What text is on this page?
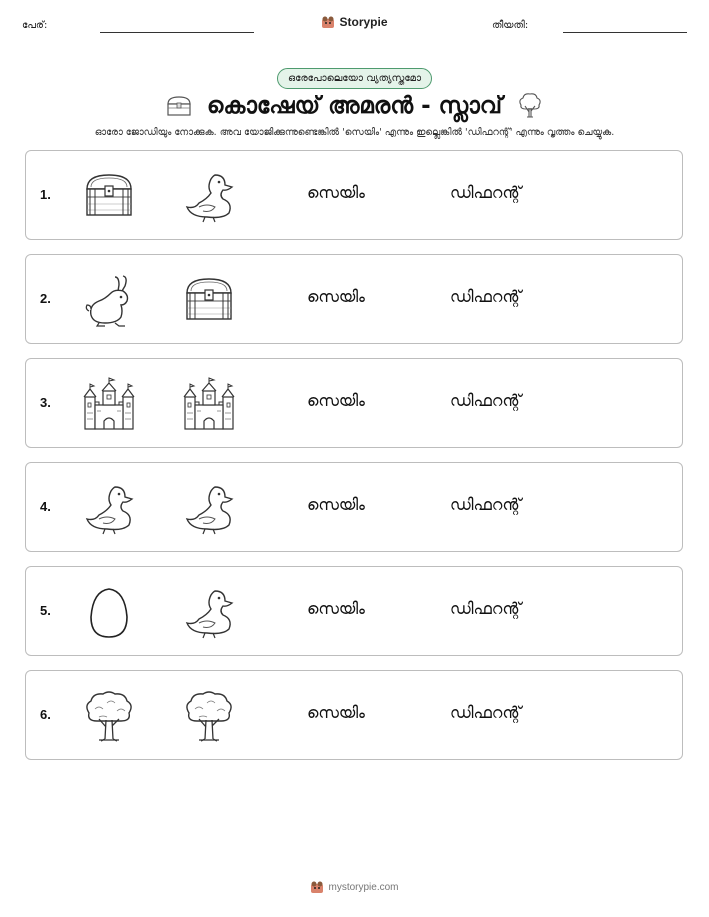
പേര്:	Storypie	തീയതി:
ഒരേപോലെയോ വ്യത്യസ്തമോ
കൊഷേയ് അമരൻ - സ്ലാവ്
ഓരോ ജോഡിയും നോക്കുക. അവ യോജിക്കുന്നുണ്ടെങ്കിൽ 'സെയിം' എന്നും ഇല്ലെങ്കിൽ 'ഡിഫറന്റ്' എന്നും വൃത്തം ചെയ്യുക.
1.	സെയിം	ഡിഫറന്റ്
2.	സെയിം	ഡിഫറന്റ്
3.	സെയിം	ഡിഫറന്റ്
4.	സെയിം	ഡിഫറന്റ്
5.	സെയിം	ഡിഫറന്റ്
6.	സെയിം	ഡിഫറന്റ്
mystorypie.com
